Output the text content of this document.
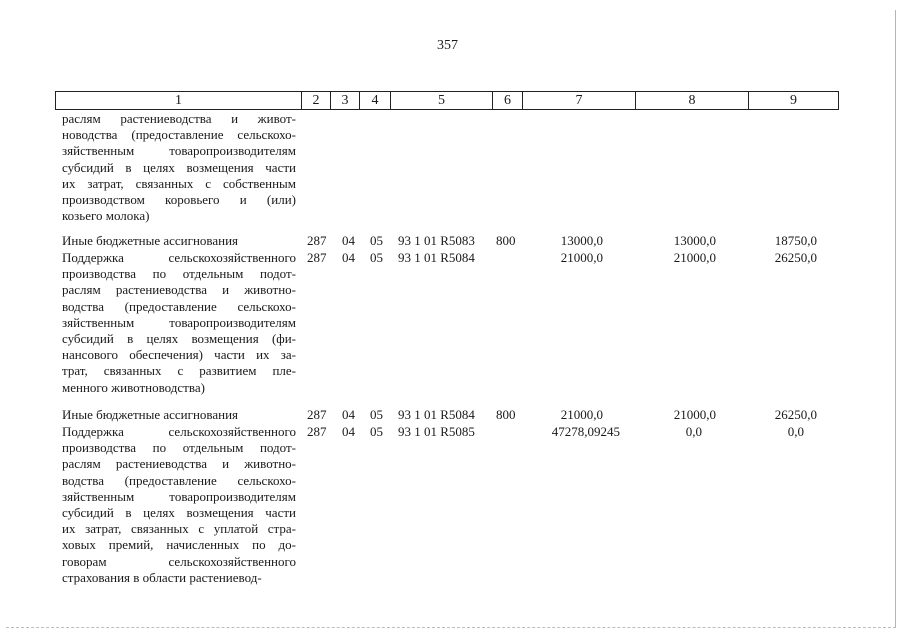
357
1	2	3	4	5	6	7	8	9
раслям растениеводства и живот-
новодства (предоставление сельскохо-
зяйственным товаропроизводителям
субсидий в целях возмещения части
их затрат, связанных с собственным
производством коровьего и (или)
козьего молока)
Иные бюджетные ассигнования	287 04 05 93 1 01 R5083 800	13000,0	13000,0	18750,0
Поддержка сельскохозяйственного
производства по отдельным подот-
раслям растениеводства и животно-
водства (предоставление сельскохо-
зяйственным товаропроизводителям
субсидий в целях возмещения (фи-
нансового обеспечения) части их за-
трат, связанных с развитием пле-
менного животноводства)
287 04 05 93 1 01 R5084	21000,0	21000,0	26250,0
Иные бюджетные ассигнования	287 04 05 93 1 01 R5084 800	21000,0	21000,0	26250,0
Поддержка сельскохозяйственного
производства по отдельным подот-
раслям растениеводства и животно-
водства (предоставление сельскохо-
зяйственным товаропроизводителям
субсидий в целях возмещения части
их затрат, связанных с уплатой стра-
ховых премий, начисленных по до-
говорам сельскохозяйственного
страхования в области растениевод-
287 04 05 93 1 01 R5085	47278,09245	0,0	0,0
